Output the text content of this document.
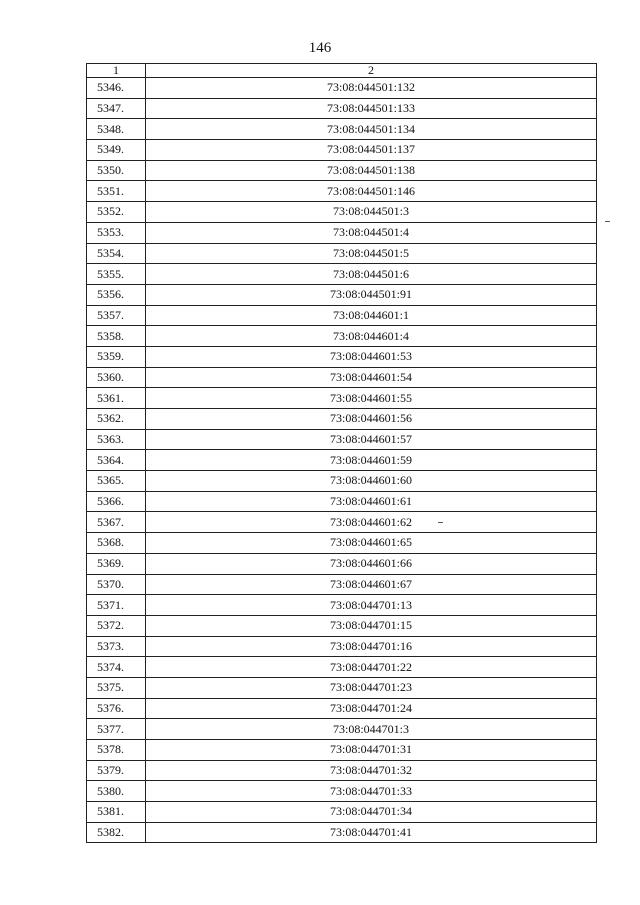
146
1	2
5346.	73:08:044501:132
5347.	73:08:044501:133
5348.	73:08:044501:134
5349.	73:08:044501:137
5350.	73:08:044501:138
5351.	73:08:044501:146
5352.	73:08:044501:3
5353.	73:08:044501:4
5354.	73:08:044501:5
5355.	73:08:044501:6
5356.	73:08:044501:91
5357.	73:08:044601:1
5358.	73:08:044601:4
5359.	73:08:044601:53
5360.	73:08:044601:54
5361.	73:08:044601:55
5362.	73:08:044601:56
5363.	73:08:044601:57
5364.	73:08:044601:59
5365.	73:08:044601:60
5366.	73:08:044601:61
5367.	73:08:044601:62
5368.	73:08:044601:65
5369.	73:08:044601:66
5370.	73:08:044601:67
5371.	73:08:044701:13
5372.	73:08:044701:15
5373.	73:08:044701:16
5374.	73:08:044701:22
5375.	73:08:044701:23
5376.	73:08:044701:24
5377.	73:08:044701:3
5378.	73:08:044701:31
5379.	73:08:044701:32
5380.	73:08:044701:33
5381.	73:08:044701:34
5382.	73:08:044701:41
